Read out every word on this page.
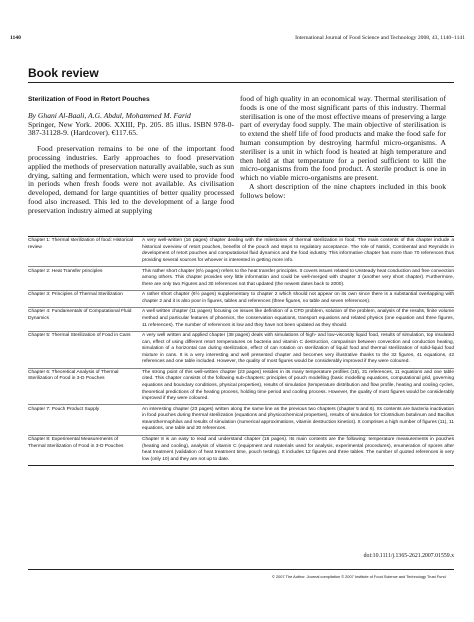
1140	International Journal of Food Science and Technology 2008, 43, 1140–1141
Book review

Sterilization of Food in Retort Pouches

By Ghani Al-Baali, A.G. Abdul, Mohammed M. Farid

Springer, New York. 2006. XXIII, Pp. 205. 85 illus. ISBN 978-0-387-31128-9. (Hardcover). €117.65.

Food preservation remains to be one of the important food processing industries. Early approaches to food preservation applied the methods of preservation naturally available, such as sun drying, salting and fermentation, which were used to provide food in periods when fresh foods were not available. As civilisation developed, demand for large quantities of better quality processed food also increased. This led to the development of a large food preservation industry aimed at supplying

food of high quality in an economical way. Thermal sterilisation of foods is one of the most significant parts of this industry. Thermal sterilisation is one of the most effective means of preserving a large part of everyday food supply. The main objective of sterilisation is to extend the shelf life of food products and make the food safe for human consumption by destroying harmful micro-organisms. A steriliser is a unit in which food is heated at high temperature and then held at that temperature for a period sufficient to kill the micro-organisms from the food product. A sterile product is one in which no viable micro-organisms are present.

A short description of the nine chapters included in this book follows below:

Chapter 1: Thermal sterilization of food: Historical review	A very well-written (16 pages) chapter dealing with the milestones of thermal sterilization in food. The main contents of this chapter include a historical overview of retort pouches, benefits of the pouch and steps to regulatory acceptance. The role of Natick, Continental and Reynolds in development of retort pouches and computational fluid dynamics and the food industry. This informative chapter has more than 70 references thus providing several sources for whoever is interested in getting more info.
Chapter 2: Heat Transfer principles	This rather short chapter (6½ pages) refers to the heat transfer principles. It covers issues related to Unsteady heat conduction and free convection among others. This chapter provides very little information and could be well-merged with chapter 3 (another very short chapter). Furthermore, there are only two Figures and 30 references not that updated (the newest dates back to 2000).
Chapter 3: Principles of Thermal Sterilization	A rather short chapter (6½ pages) supplementary to chapter 2 which should not appear on its own since there is a substantial overlapping with chapter 2 and it is also poor in figures, tables and references (three figures, no table and seven references).
Chapter 4: Fundamentals of Computational Fluid Dynamics	A well written chapter (11 pages) focusing on issues like definition of a CFD problem, solution of the problem, analysis of the results, finite volume method and particular features of phoenics, the conservation equations, transport equations and related physics (one equation and three figures, 11 references). The number of references is low and they have not been updated as they should.
Chapter 5: Thermal Sterilization of Food in Cans	A very well written and applied chapter (38 pages) deals with simulations of high- and low-viscosity liquid food, results of simulation, top insulated can, effect of using different retort temperatures on bacteria and vitamin C destruction, comparison between convection and conduction heating, simulation of a horizontal can during sterilization, effect of can rotation on sterilization of liquid food and thermal sterilization of solid-liquid food mixture in cans. It is a very interesting and well presented chapter and becomes very illustrative thanks to the 32 figures, 41 equations, 42 references and one table included. However, the quality of most figures would be considerably improved if they were coloured.
Chapter 6: Theoretical Analysis of Thermal Sterilization of Food in 3-D Pouches	The strong point of this well-written chapter (23 pages) resides in its many temperature profiles (16), 31 references, 11 equations and one table cited. This chapter consists of the following sub-chapters: principles of pouch modelling (basic modelling equations, computational grid, governing equations and boundary conditions, physical properties), results of simulation (temperature distribution and flow profile, heating and cooling cycles, theoretical predictions of the heating process, holding time period and cooling process. However, the quality of most figures would be considerably improved if they were coloured.
Chapter 7: Pouch Product Supply	An interesting chapter (23 pages) written along the same line as the previous two chapters (chapter 5 and 6). Its contents are bacteria inactivation in food pouches during thermal sterilization (equations and physicochemical properties), results of simulation for Clostridium botulinum and Bacillus stearothermophilus and results of simulation (numerical approximations, vitamin destruction kinetics). It comprises a high number of figures (11), 11 equations, one table and 30 references.
Chapter 8: Experimental Measurements of Thermal Sterilization of Food in 3-D Pouches	Chapter 8 is an easy to read and understand chapter (16 pages). Its main contents are the following: temperature measurements in pouches (heating and cooling), analysis of vitamin C (equipment and materials used for analysis, experimental procedures), enumeration of spores after heat treatment (validation of heat treatment time, pouch testing). It includes 12 figures and three tables. The number of quoted references is very low (only 10) and they are not up to date.
doi:10.1111/j.1365-2621.2007.01559.x
© 2007 The Author. Journal compilation © 2007 Institute of Food Science and Technology Trust Fund
